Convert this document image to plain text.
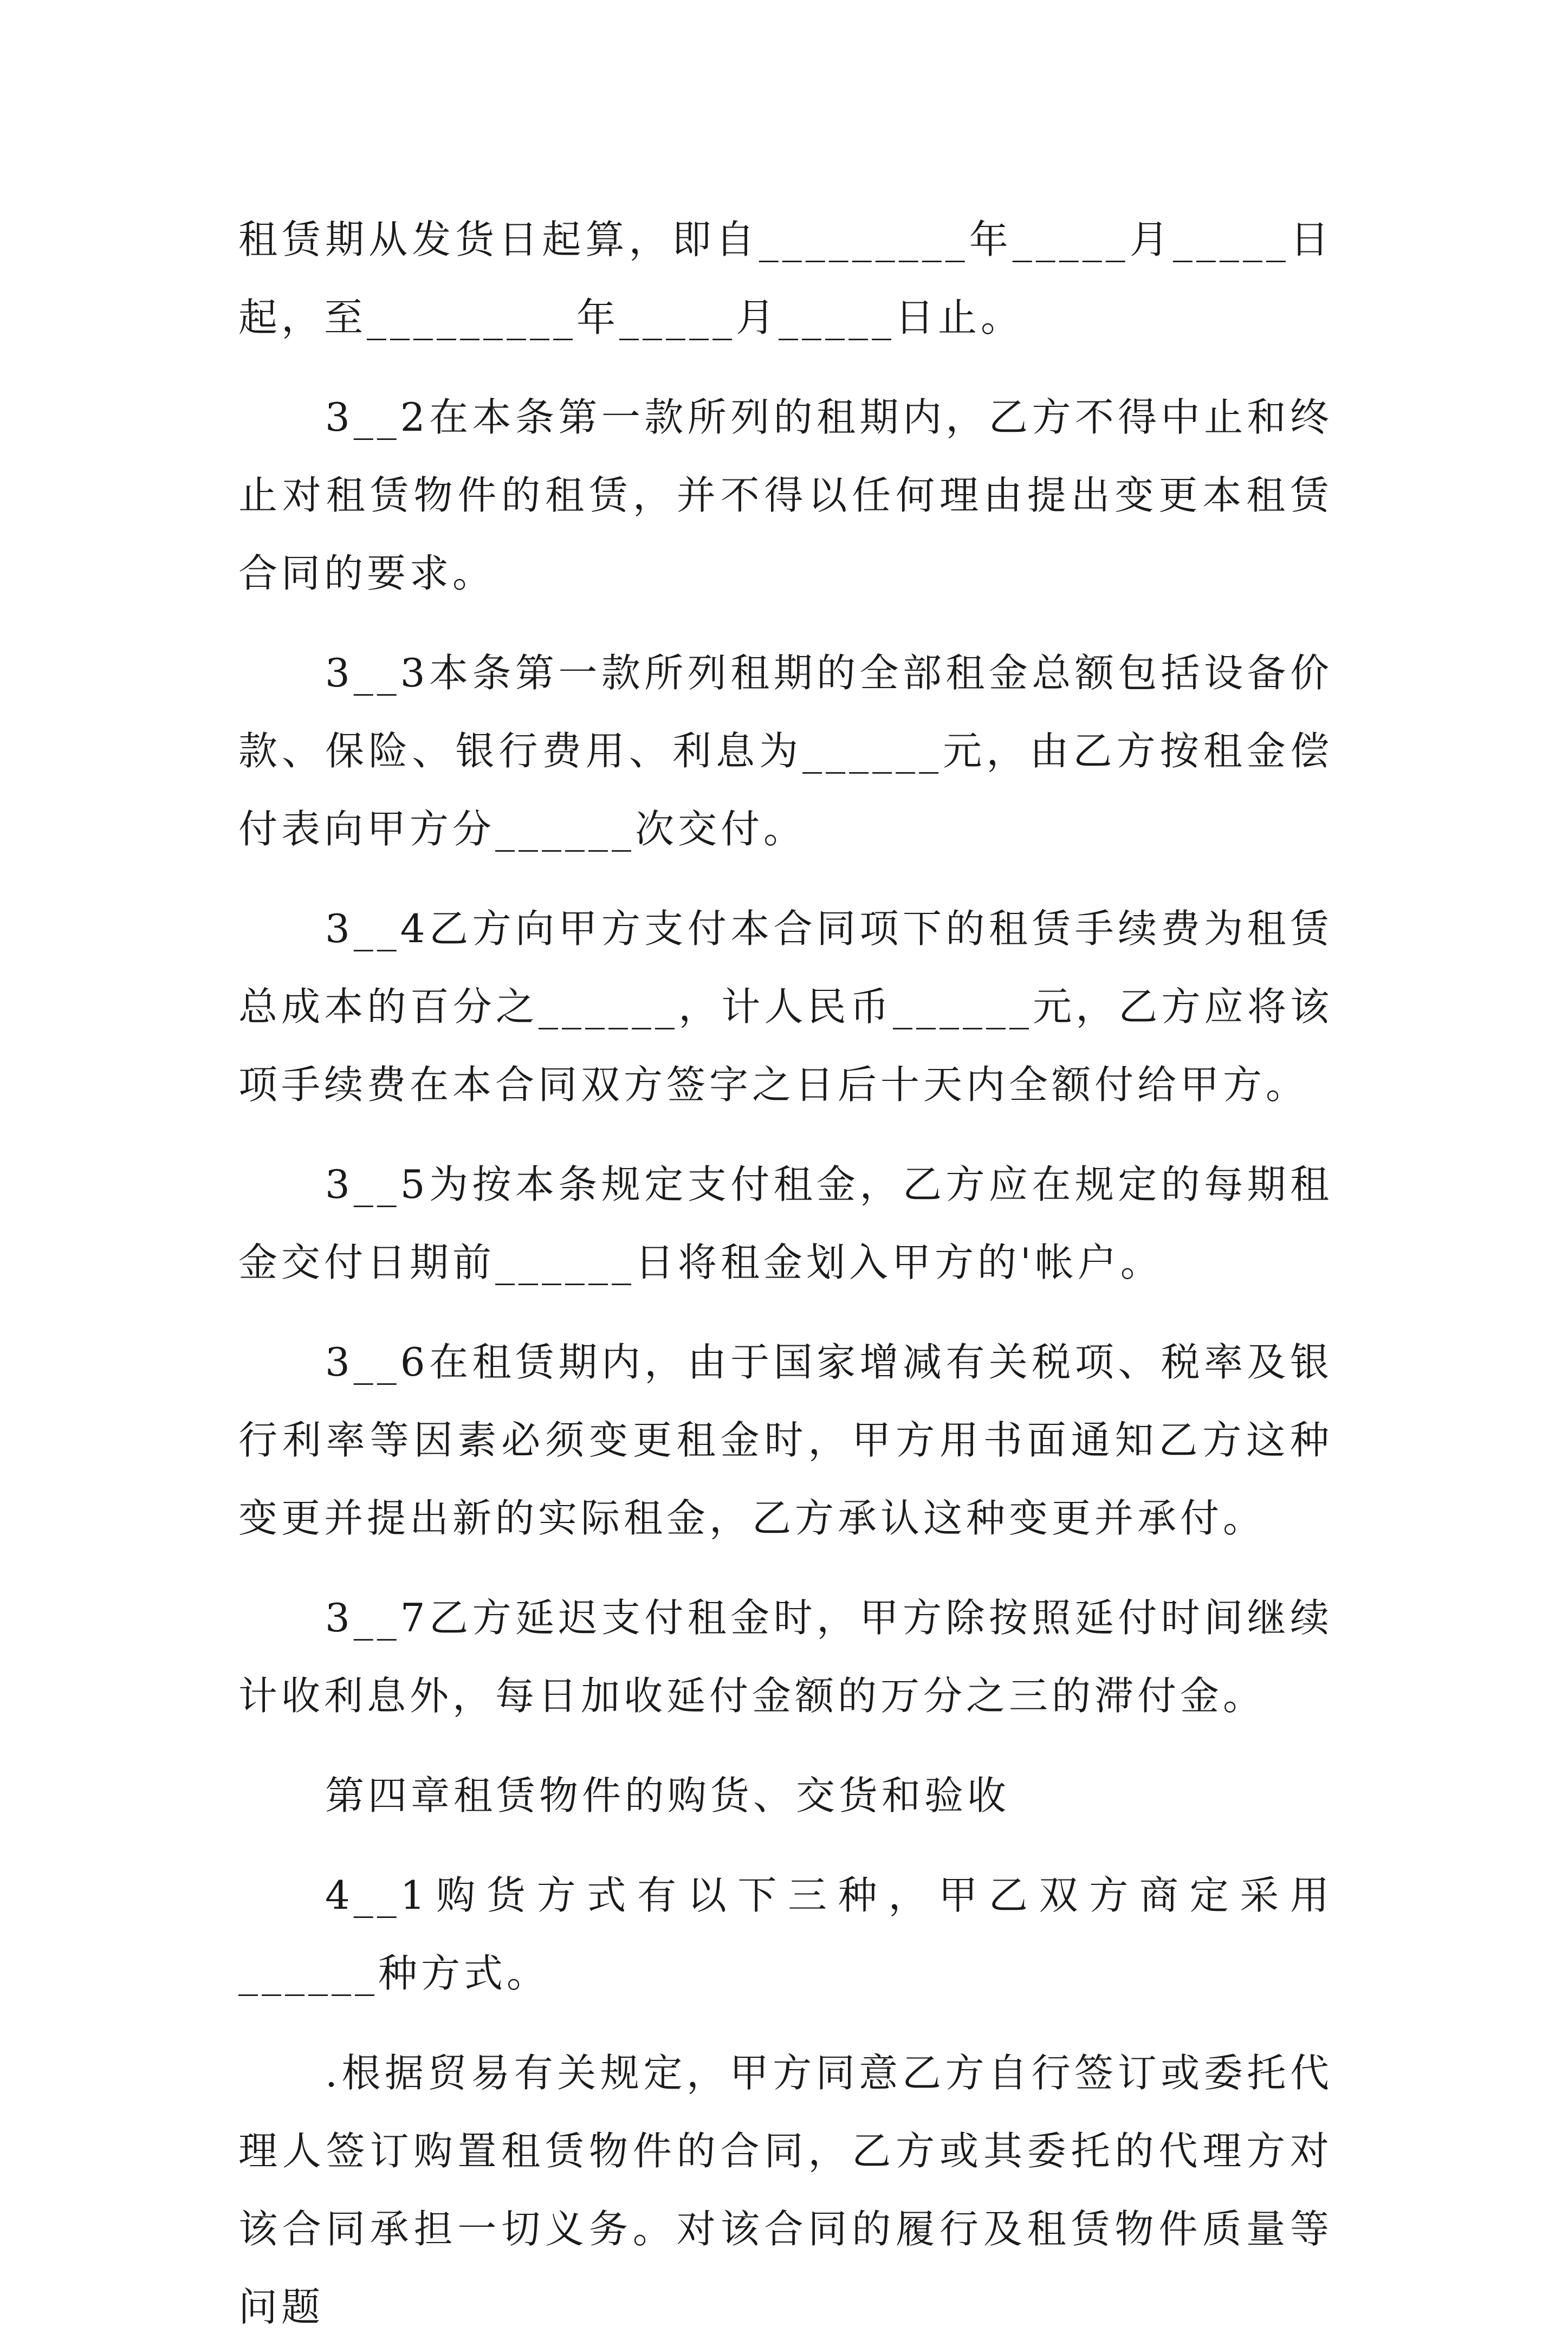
租赁期从发货日起算，即自_________年_____月_____日起，至_________年_____月_____日止。

3__2在本条第一款所列的租期内，乙方不得中止和终止对租赁物件的租赁，并不得以任何理由提出变更本租赁合同的要求。

3__3本条第一款所列租期的全部租金总额包括设备价款、保险、银行费用、利息为______元，由乙方按租金偿付表向甲方分______次交付。

3__4乙方向甲方支付本合同项下的租赁手续费为租赁总成本的百分之______，计人民币______元，乙方应将该项手续费在本合同双方签字之日后十天内全额付给甲方。

3__5为按本条规定支付租金，乙方应在规定的每期租金交付日期前______日将租金划入甲方的'帐户。

3__6在租赁期内，由于国家增减有关税项、税率及银行利率等因素必须变更租金时，甲方用书面通知乙方这种变更并提出新的实际租金，乙方承认这种变更并承付。

3__7乙方延迟支付租金时，甲方除按照延付时间继续计收利息外，每日加收延付金额的万分之三的滞付金。

第四章租赁物件的购货、交货和验收

4__1购货方式有以下三种，甲乙双方商定采用______种方式。

.根据贸易有关规定，甲方同意乙方自行签订或委托代理人签订购置租赁物件的合同，乙方或其委托的代理方对该合同承担一切义务。对该合同的履行及租赁物件质量等问题
